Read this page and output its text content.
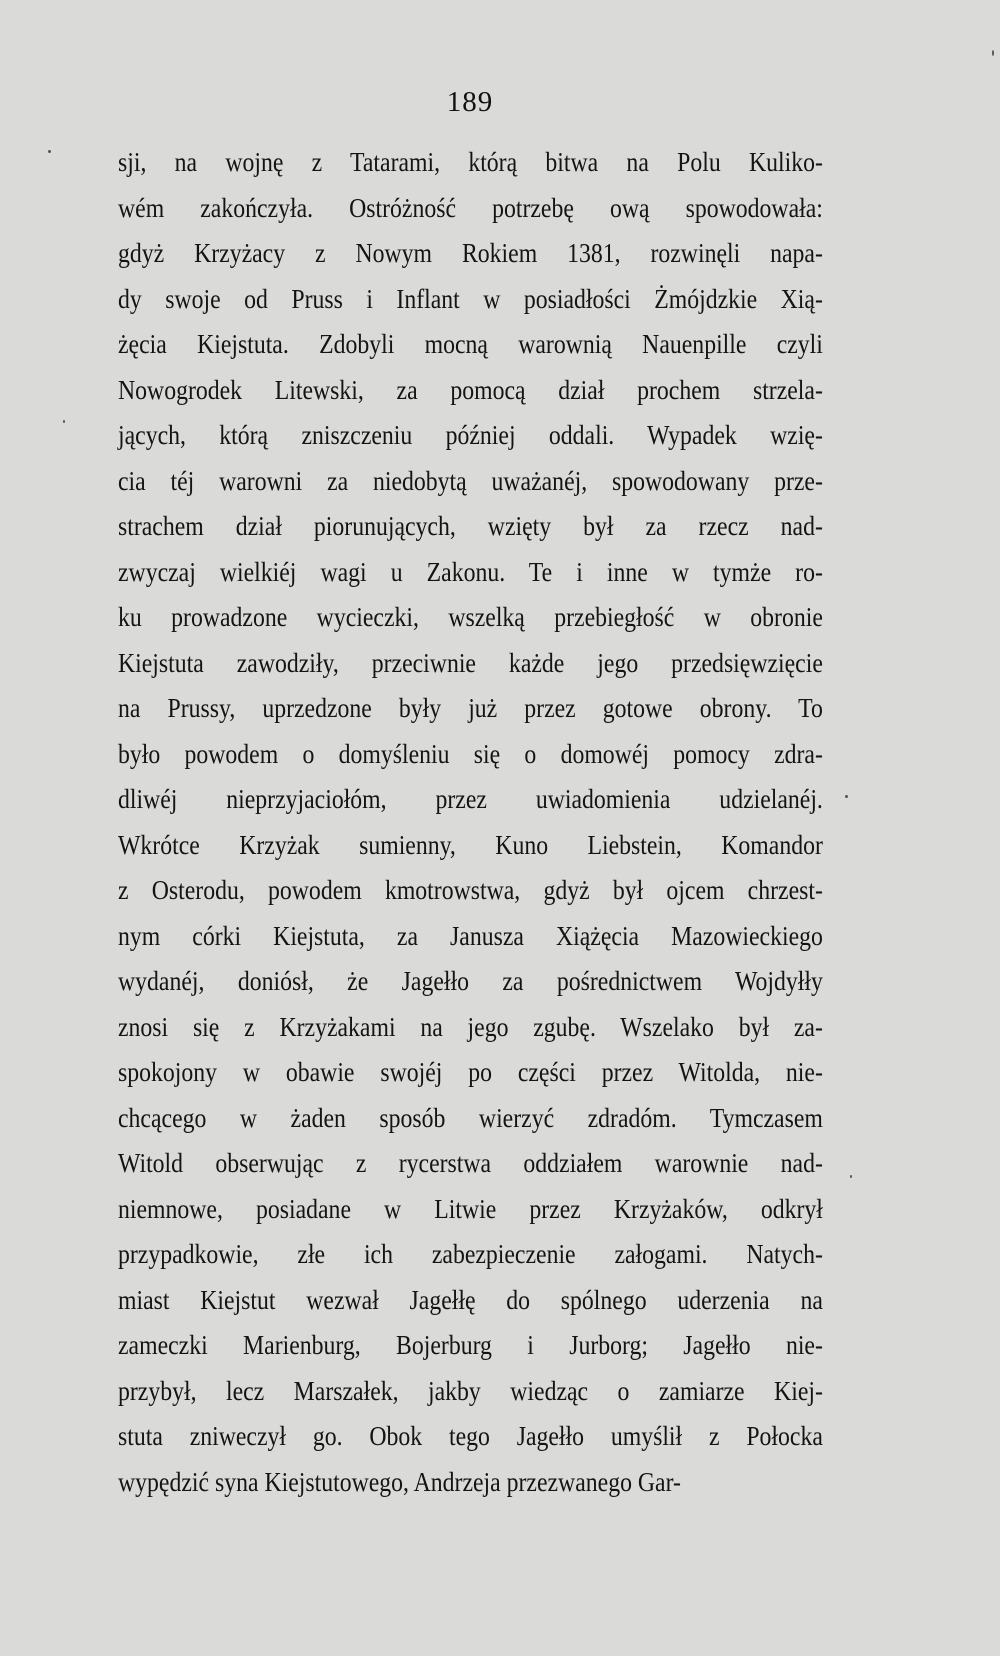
189
sji, na wojnę z Tatarami, którą bitwa na Polu Kuliko-
wém zakończyła. Ostróżność potrzebę ową spowodowała:
gdyż Krzyżacy z Nowym Rokiem 1381, rozwinęli napa-
dy swoje od Pruss i Inflant w posiadłości Żmójdzkie Xią-
żęcia Kiejstuta. Zdobyli mocną warownią Nauenpille czyli
Nowogrodek Litewski, za pomocą dział prochem strzela-
jących, którą zniszczeniu później oddali. Wypadek wzię-
cia téj warowni za niedobytą uważanéj, spowodowany prze-
strachem dział piorunujących, wzięty był za rzecz nad-
zwyczaj wielkiéj wagi u Zakonu. Te i inne w tymże ro-
ku prowadzone wycieczki, wszelką przebiegłość w obronie
Kiejstuta zawodziły, przeciwnie każde jego przedsięwzięcie
na Prussy, uprzedzone były już przez gotowe obrony. To
było powodem o domyśleniu się o domowéj pomocy zdra-
dliwéj nieprzyjaciołóm, przez uwiadomienia udzielanéj.
Wkrótce Krzyżak sumienny, Kuno Liebstein, Komandor
z Osterodu, powodem kmotrowstwa, gdyż był ojcem chrzest-
nym córki Kiejstuta, za Janusza Xiążęcia Mazowieckiego
wydanéj, doniósł, że Jagełło za pośrednictwem Wojdyłły
znosi się z Krzyżakami na jego zgubę. Wszelako był za-
spokojony w obawie swojéj po części przez Witolda, nie-
chcącego w żaden sposób wierzyć zdradóm. Tymczasem
Witold obserwując z rycerstwa oddziałem warownie nad-
niemnowe, posiadane w Litwie przez Krzyżaków, odkrył
przypadkowie, złe ich zabezpieczenie załogami. Natych-
miast Kiejstut wezwał Jagełłę do spólnego uderzenia na
zameczki Marienburg, Bojerburg i Jurborg; Jagełło nie-
przybył, lecz Marszałek, jakby wiedząc o zamiarze Kiej-
stuta zniweczył go. Obok tego Jagełło umyślił z Połocka
wypędzić syna Kiejstutowego, Andrzeja przezwanego Gar-
